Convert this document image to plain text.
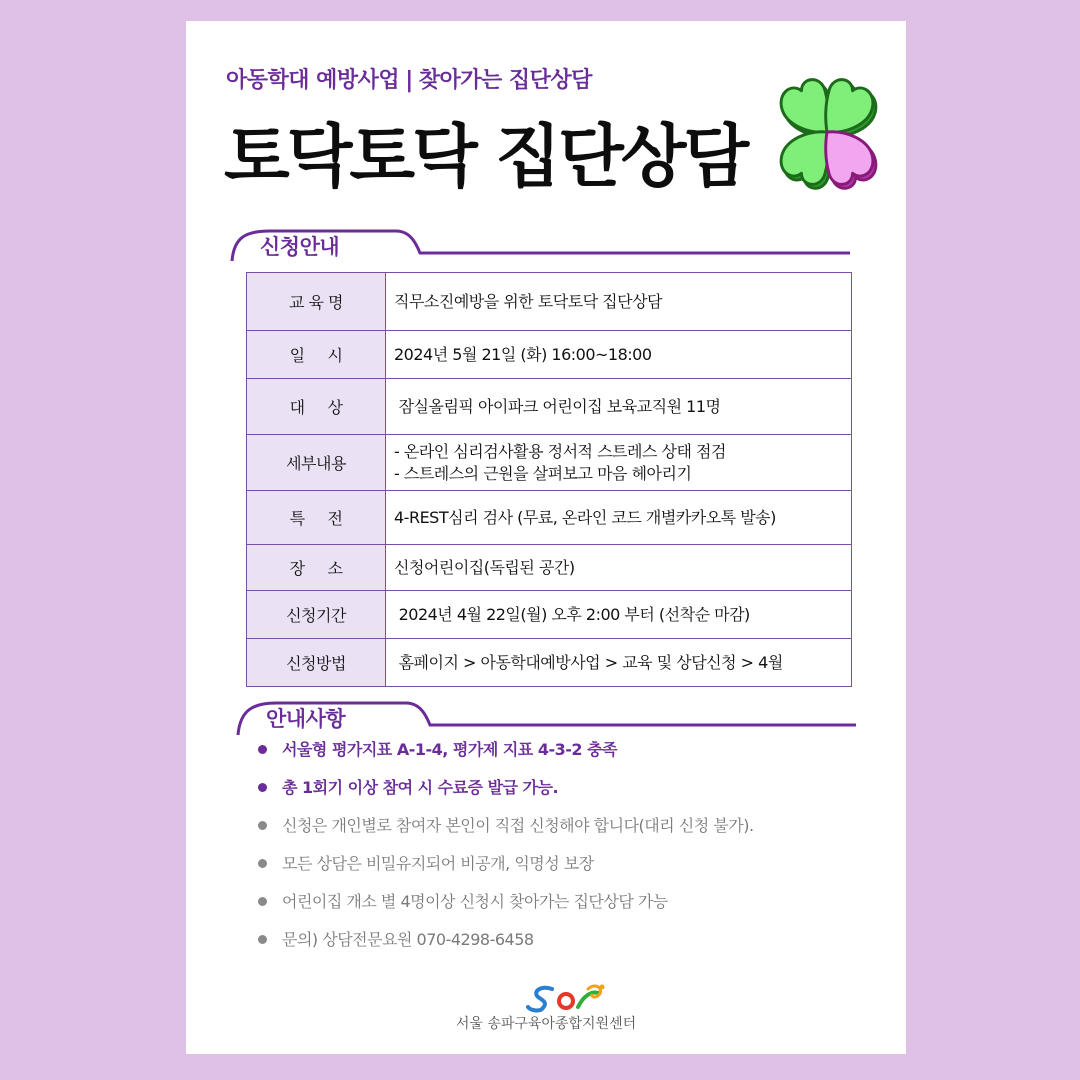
아동학대 예방사업 | 찾아가는 집단상담
토닥토닥 집단상담
신청안내
교 육 명	직무소진예방을 위한 토닥토닥 집단상담

일     시	2024년 5월 21일 (화) 16:00~18:00

대     상	잠실올림픽 아이파크 어린이집 보육교직원 11명

세부내용	- 온라인 심리검사활용 정서적 스트레스 상태 점검
- 스트레스의 근원을 살펴보고 마음 헤아리기

특     전	4-REST심리 검사 (무료, 온라인 코드 개별카카오톡 발송)

장     소	신청어린이집(독립된 공간)

신청기간	2024년 4월 22일(월) 오후 2:00 부터 (선착순 마감)

신청방법	홈페이지 > 아동학대예방사업 > 교육 및 상담신청 > 4월
안내사항
서울형 평가지표 A-1-4, 평가제 지표 4-3-2 충족
총 1회기 이상 참여 시 수료증 발급 가능.
신청은 개인별로 참여자 본인이 직접 신청해야 합니다(대리 신청 불가).
모든 상담은 비밀유지되어 비공개, 익명성 보장
어린이집 개소 별 4명이상 신청시 찾아가는 집단상담 가능
문의) 상담전문요원 070-4298-6458
서울 송파구육아종합지원센터
